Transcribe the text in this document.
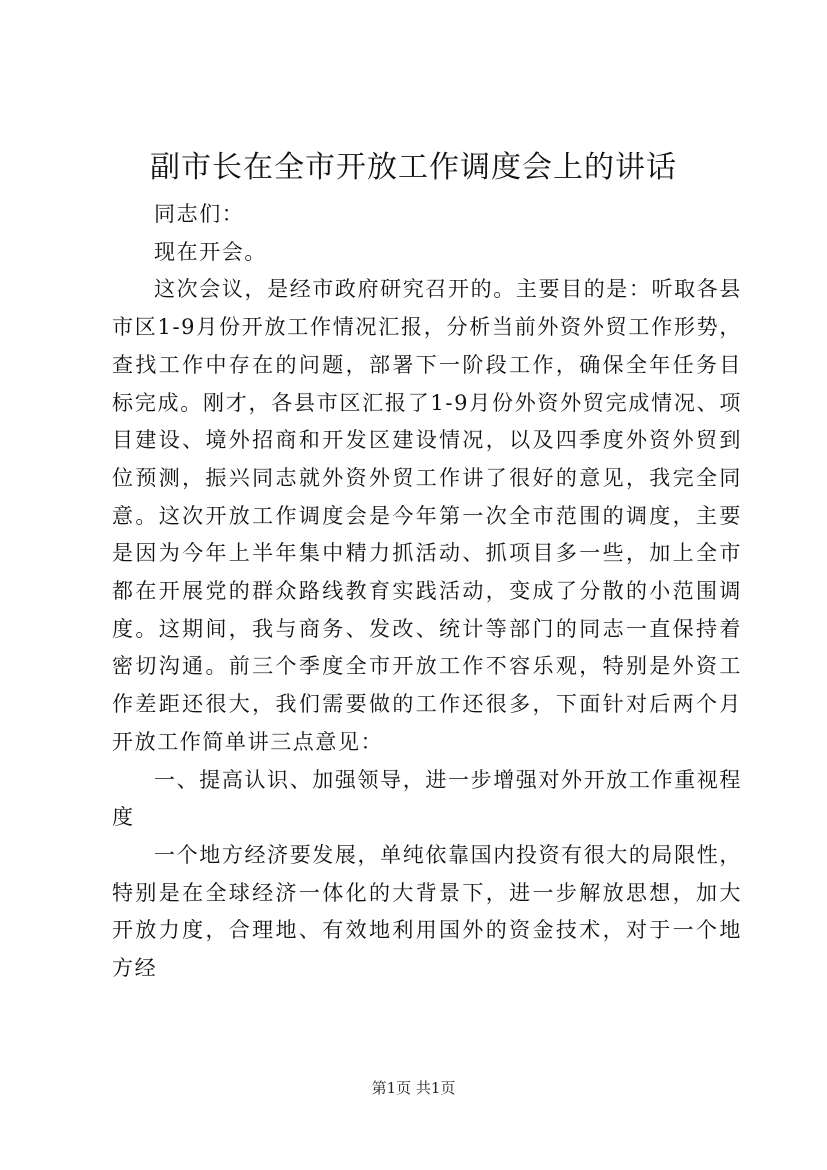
副市长在全市开放工作调度会上的讲话

同志们：

现在开会。

这次会议，是经市政府研究召开的。主要目的是：听取各县市区1-9月份开放工作情况汇报，分析当前外资外贸工作形势，查找工作中存在的问题，部署下一阶段工作，确保全年任务目标完成。刚才，各县市区汇报了1-9月份外资外贸完成情况、项目建设、境外招商和开发区建设情况，以及四季度外资外贸到位预测，振兴同志就外资外贸工作讲了很好的意见，我完全同意。这次开放工作调度会是今年第一次全市范围的调度，主要是因为今年上半年集中精力抓活动、抓项目多一些，加上全市都在开展党的群众路线教育实践活动，变成了分散的小范围调度。这期间，我与商务、发改、统计等部门的同志一直保持着密切沟通。前三个季度全市开放工作不容乐观，特别是外资工作差距还很大，我们需要做的工作还很多，下面针对后两个月开放工作简单讲三点意见：

一、提高认识、加强领导，进一步增强对外开放工作重视程度

一个地方经济要发展，单纯依靠国内投资有很大的局限性，特别是在全球经济一体化的大背景下，进一步解放思想，加大开放力度，合理地、有效地利用国外的资金技术，对于一个地方经

第1页 共1页
